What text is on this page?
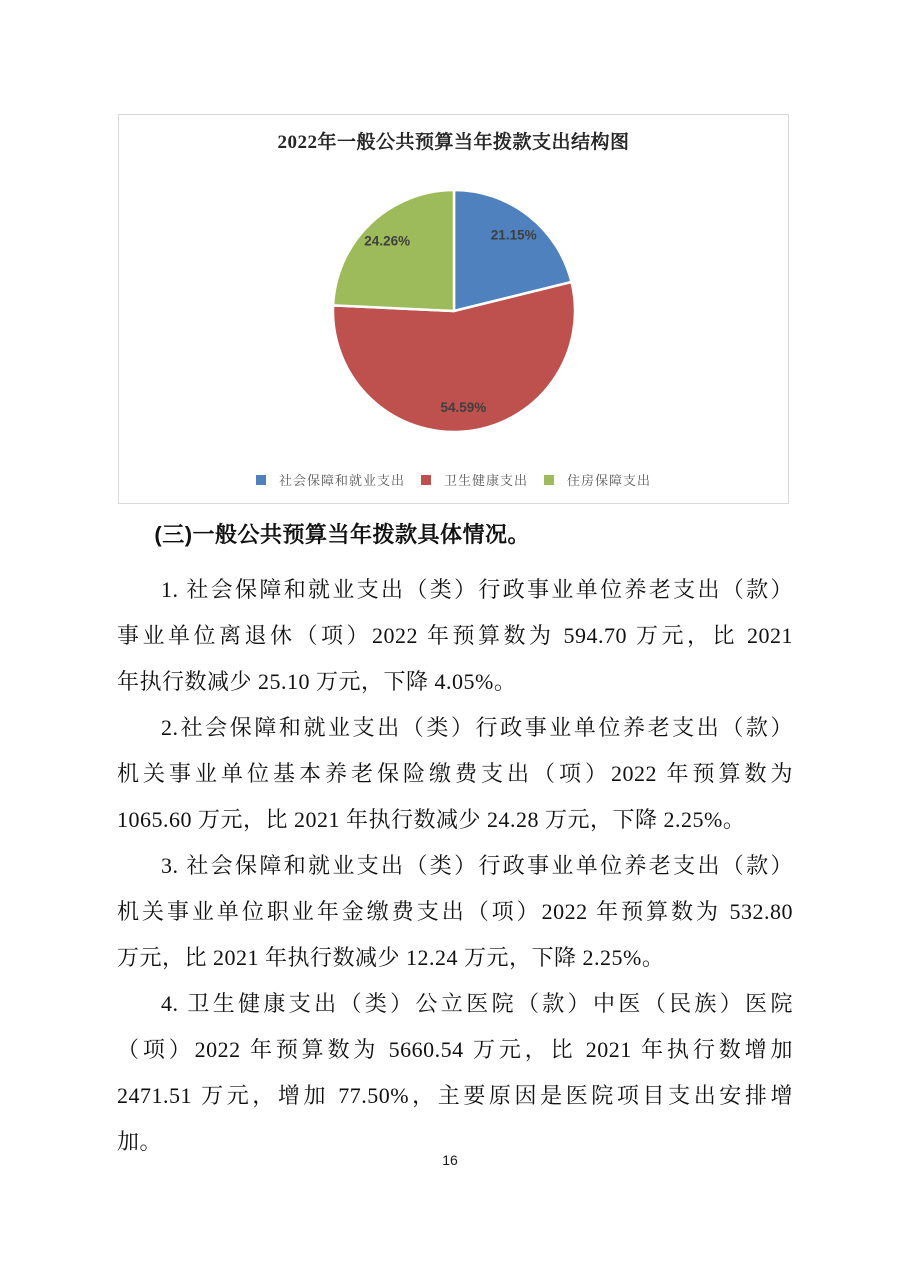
2022年一般公共预算当年拨款支出结构图
21.15%
54.59%
24.26%
社会保障和就业支出	卫生健康支出	住房保障支出
(三)一般公共预算当年拨款具体情况。
1. 社会保障和就业支出（类）行政事业单位养老支出（款）
事业单位离退休（项）2022 年预算数为 594.70 万元，比 2021
年执行数减少 25.10 万元，下降 4.05%。
2.社会保障和就业支出（类）行政事业单位养老支出（款）
机关事业单位基本养老保险缴费支出（项）2022 年预算数为
1065.60 万元，比 2021 年执行数减少 24.28 万元，下降 2.25%。
3. 社会保障和就业支出（类）行政事业单位养老支出（款）
机关事业单位职业年金缴费支出（项）2022 年预算数为 532.80
万元，比 2021 年执行数减少 12.24 万元，下降 2.25%。
4. 卫生健康支出（类）公立医院（款）中医（民族）医院
（项）2022 年预算数为 5660.54 万元，比 2021 年执行数增加
2471.51 万元，增加 77.50%，主要原因是医院项目支出安排增
加。
16
